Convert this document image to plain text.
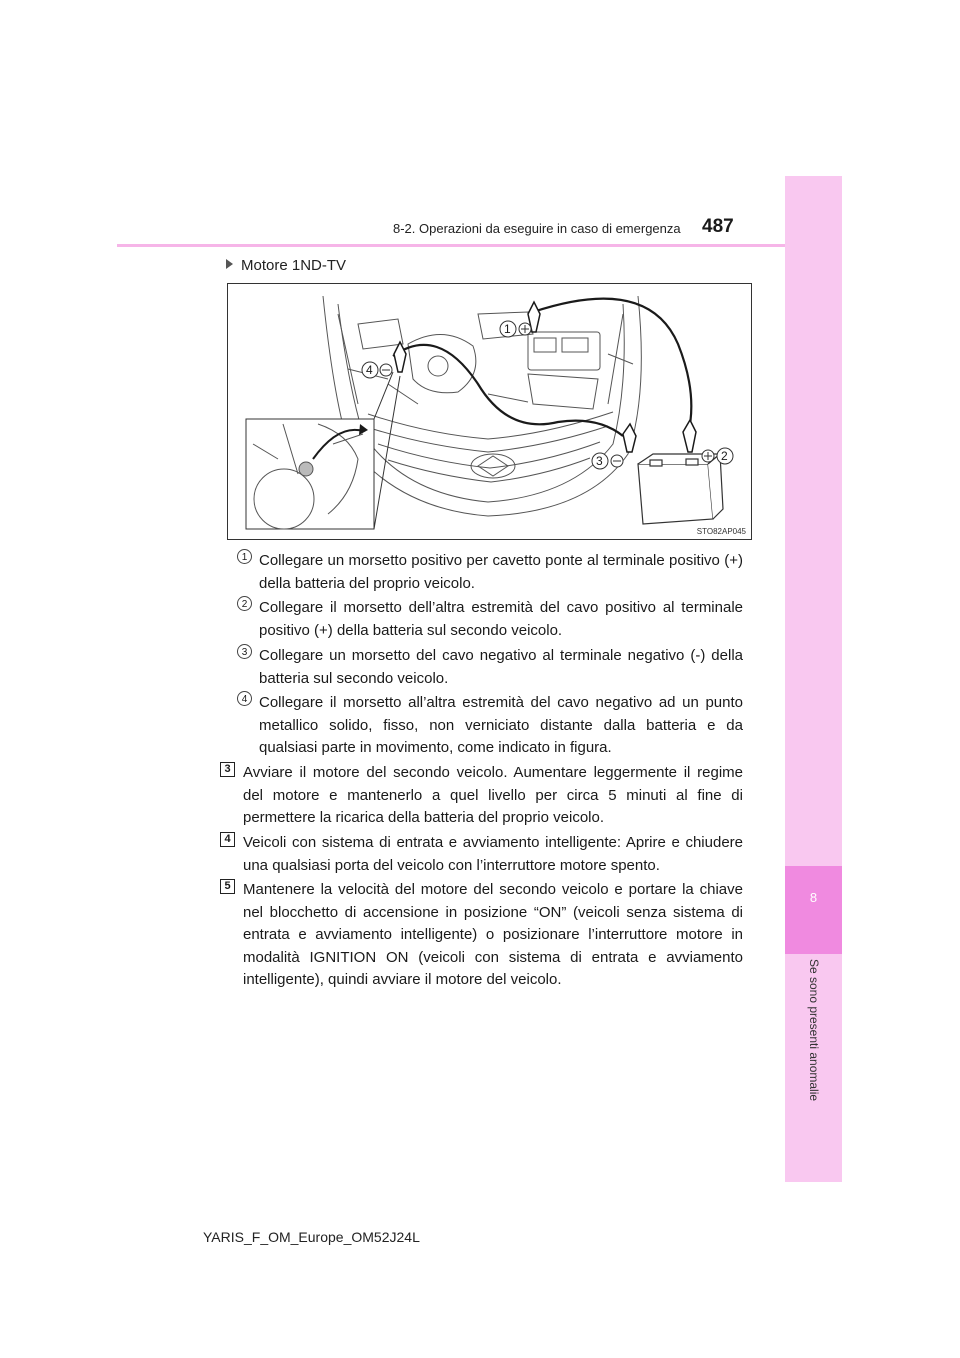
8
Se sono presenti anomalie
8-2. Operazioni da eseguire in caso di emergenza 487
Motore 1ND-TV
1
2
3
4
STO82AP045
1 Collegare un morsetto positivo per cavetto ponte al terminale positivo (+) della batteria del proprio veicolo.
2 Collegare il morsetto dell’altra estremità del cavo positivo al terminale positivo (+) della batteria sul secondo veicolo.
3 Collegare un morsetto del cavo negativo al terminale negativo (-) della batteria sul secondo veicolo.
4 Collegare il morsetto all’altra estremità del cavo negativo ad un punto metallico solido, fisso, non verniciato distante dalla batteria e da qualsiasi parte in movimento, come indicato in figura.
3 Avviare il motore del secondo veicolo. Aumentare leggermente il regime del motore e mantenerlo a quel livello per circa 5 minuti al fine di permettere la ricarica della batteria del proprio veicolo.
4 Veicoli con sistema di entrata e avviamento intelligente: Aprire e chiudere una qualsiasi porta del veicolo con l’interruttore motore spento.
5 Mantenere la velocità del motore del secondo veicolo e portare la chiave nel blocchetto di accensione in posizione “ON” (veicoli senza sistema di entrata e avviamento intelligente) o posizionare l’interruttore motore in modalità IGNITION ON (veicoli con sistema di entrata e avviamento intelligente), quindi avviare il motore del veicolo.
YARIS_F_OM_Europe_OM52J24L
